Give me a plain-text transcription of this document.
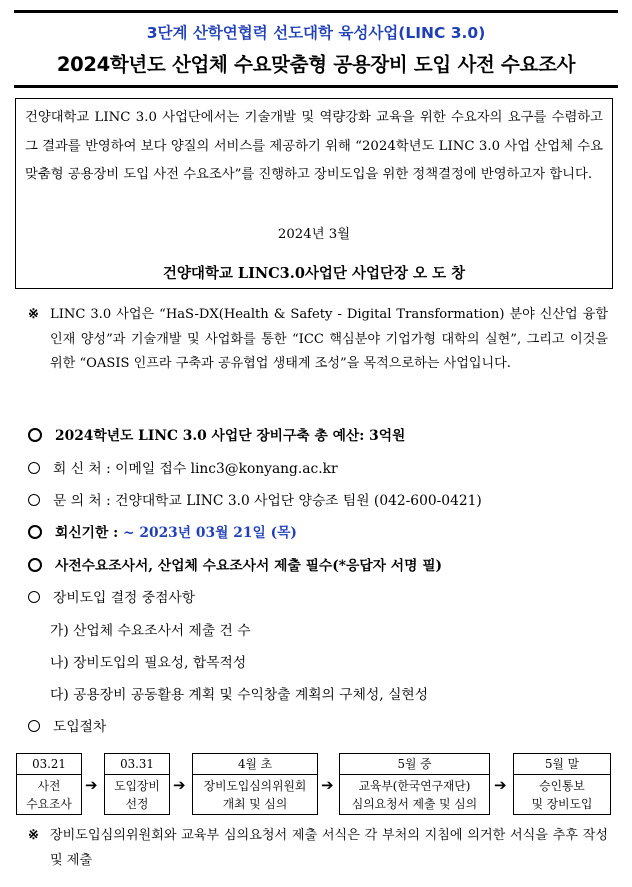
3단계 산학연협력 선도대학 육성사업(LINC 3.0)
2024학년도 산업체 수요맞춤형 공용장비 도입 사전 수요조사

건양대학교 LINC 3.0 사업단에서는 기술개발 및 역량강화 교육을 위한 수요자의 요구를 수렴하고 그 결과를 반영하여 보다 양질의 서비스를 제공하기 위해 “2024학년도 LINC 3.0 사업 산업체 수요맞춤형 공용장비 도입 사전 수요조사”를 진행하고 장비도입을 위한 정책결정에 반영하고자 합니다.

2024년 3월
건양대학교 LINC3.0사업단 사업단장 오 도 창
※ LINC 3.0 사업은 “HaS-DX(Health & Safety - Digital Transformation) 분야 신산업 융합인재 양성”과 기술개발 및 사업화를 통한 “ICC 핵심분야 기업가형 대학의 실현”, 그리고 이것을 위한 “OASIS 인프라 구축과 공유협업 생태계 조성”을 목적으로하는 사업입니다.
2024학년도 LINC 3.0 사업단 장비구축 총 예산: 3억원
회 신 처 : 이메일 접수 linc3@konyang.ac.kr
문 의 처 : 건양대학교 LINC 3.0 사업단 양승조 팀원 (042-600-0421)
회신기한 : ~ 2023년 03월 21일 (목)
사전수요조사서, 산업체 수요조사서 제출 필수(*응답자 서명 필)
장비도입 결정 중점사항
가) 산업체 수요조사서 제출 건 수
나) 장비도입의 필요성, 합목적성
다) 공용장비 공동활용 계획 및 수익창출 계획의 구체성, 실현성
도입절차
03.21
사전
수요조사
➔
03.31
도입장비
선정
➔
4월 초
장비도입심의위원회
개최 및 심의
➔
5월 중
교육부(한국연구재단)
심의요청서 제출 및 심의
➔
5월 말
승인통보
및 장비도입
※ 장비도입심의위원회와 교육부 심의요청서 제출 서식은 각 부처의 지침에 의거한 서식을 추후 작성 및 제출
